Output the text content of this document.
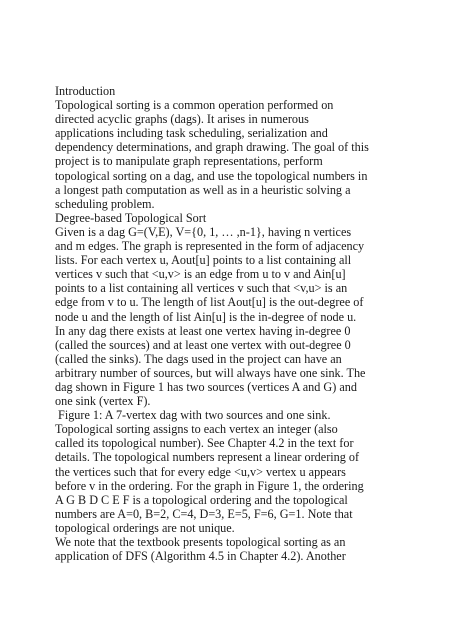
Introduction
Topological sorting is a common operation performed on
directed acyclic graphs (dags). It arises in numerous
applications including task scheduling, serialization and
dependency determinations, and graph drawing. The goal of this
project is to manipulate graph representations, perform
topological sorting on a dag, and use the topological numbers in
a longest path computation as well as in a heuristic solving a
scheduling problem.
Degree-based Topological Sort
Given is a dag G=(V,E), V={0, 1, … ,n-1}, having n vertices
and m edges. The graph is represented in the form of adjacency
lists. For each vertex u, Aout[u] points to a list containing all
vertices v such that <u,v> is an edge from u to v and Ain[u]
points to a list containing all vertices v such that <v,u> is an
edge from v to u. The length of list Aout[u] is the out-degree of
node u and the length of list Ain[u] is the in-degree of node u.
In any dag there exists at least one vertex having in-degree 0
(called the sources) and at least one vertex with out-degree 0
(called the sinks). The dags used in the project can have an
arbitrary number of sources, but will always have one sink. The
dag shown in Figure 1 has two sources (vertices A and G) and
one sink (vertex F).
Figure 1: A 7-vertex dag with two sources and one sink.
Topological sorting assigns to each vertex an integer (also
called its topological number). See Chapter 4.2 in the text for
details. The topological numbers represent a linear ordering of
the vertices such that for every edge <u,v> vertex u appears
before v in the ordering. For the graph in Figure 1, the ordering
A G B D C E F is a topological ordering and the topological
numbers are A=0, B=2, C=4, D=3, E=5, F=6, G=1. Note that
topological orderings are not unique.
We note that the textbook presents topological sorting as an
application of DFS (Algorithm 4.5 in Chapter 4.2). Another
